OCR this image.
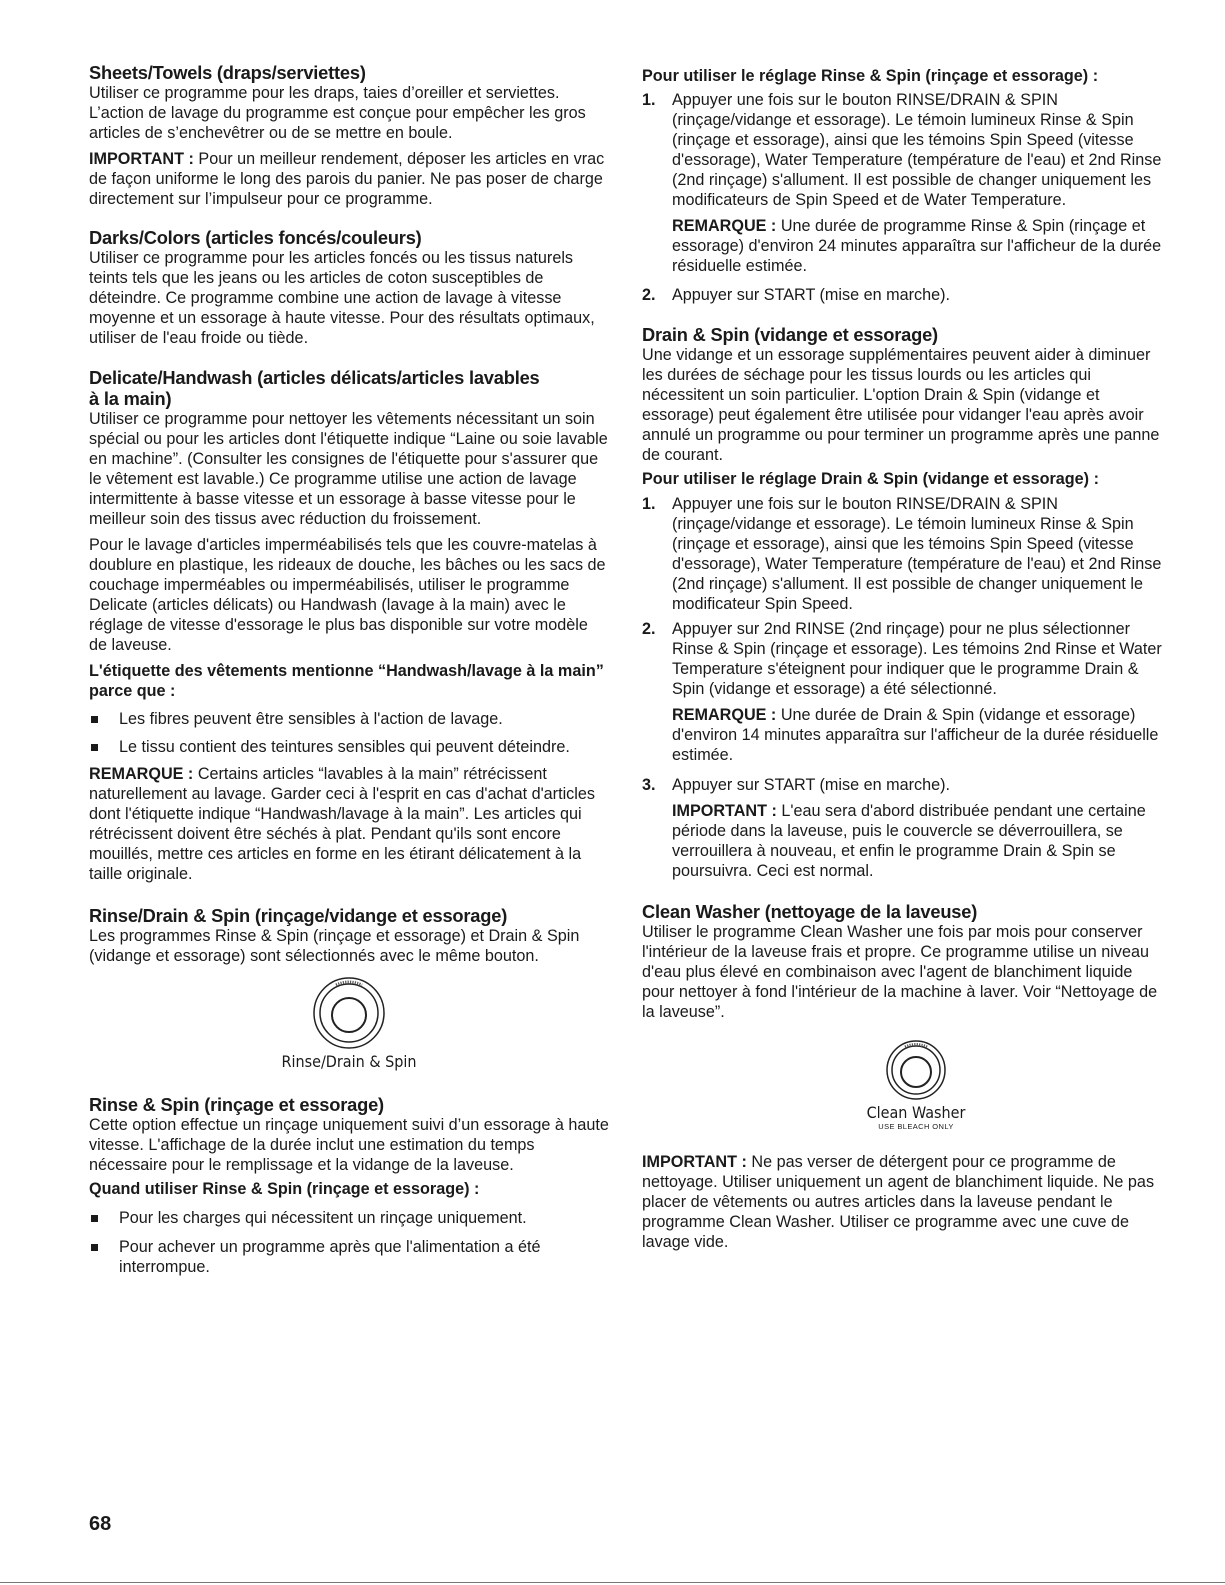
Sheets/Towels (draps/serviettes)

Utiliser ce programme pour les draps, taies d’oreiller et serviettes. L’action de lavage du programme est conçue pour empêcher les gros articles de s’enchevêtrer ou de se mettre en boule.

IMPORTANT : Pour un meilleur rendement, déposer les articles en vrac de façon uniforme le long des parois du panier. Ne pas poser de charge directement sur l’impulseur pour ce programme.

Darks/Colors (articles foncés/couleurs)

Utiliser ce programme pour les articles foncés ou les tissus naturels teints tels que les jeans ou les articles de coton susceptibles de déteindre. Ce programme combine une action de lavage à vitesse moyenne et un essorage à haute vitesse. Pour des résultats optimaux, utiliser de l'eau froide ou tiède.

Delicate/Handwash (articles délicats/articles lavables
à la main)

Utiliser ce programme pour nettoyer les vêtements nécessitant un soin spécial ou pour les articles dont l'étiquette indique “Laine ou soie lavable en machine”. (Consulter les consignes de l'étiquette pour s'assurer que le vêtement est lavable.) Ce programme utilise une action de lavage intermittente à basse vitesse et un essorage à basse vitesse pour le meilleur soin des tissus avec réduction du froissement.

Pour le lavage d'articles imperméabilisés tels que les couvre-matelas à doublure en plastique, les rideaux de douche, les bâches ou les sacs de couchage imperméables ou imperméabilisés, utiliser le programme Delicate (articles délicats) ou Handwash (lavage à la main) avec le réglage de vitesse d'essorage le plus bas disponible sur votre modèle de laveuse.

L'étiquette des vêtements mentionne “Handwash/lavage à la main” parce que :

Les fibres peuvent être sensibles à l'action de lavage.

Le tissu contient des teintures sensibles qui peuvent déteindre.

REMARQUE : Certains articles “lavables à la main” rétrécissent naturellement au lavage. Garder ceci à l'esprit en cas d'achat d'articles dont l'étiquette indique “Handwash/lavage à la main”. Les articles qui rétrécissent doivent être séchés à plat. Pendant qu'ils sont encore mouillés, mettre ces articles en forme en les étirant délicatement à la taille originale.

Rinse/Drain & Spin (rinçage/vidange et essorage)

Les programmes Rinse & Spin (rinçage et essorage) et Drain & Spin (vidange et essorage) sont sélectionnés avec le même bouton.

Rinse/Drain & Spin

Rinse & Spin (rinçage et essorage)

Cette option effectue un rinçage uniquement suivi d’un essorage à haute vitesse. L'affichage de la durée inclut une estimation du temps nécessaire pour le remplissage et la vidange de la laveuse.

Quand utiliser Rinse & Spin (rinçage et essorage) :

Pour les charges qui nécessitent un rinçage uniquement.

Pour achever un programme après que l'alimentation a été interrompue.

Pour utiliser le réglage Rinse & Spin (rinçage et essorage) :

1. Appuyer une fois sur le bouton RINSE/DRAIN & SPIN (rinçage/vidange et essorage). Le témoin lumineux Rinse & Spin (rinçage et essorage), ainsi que les témoins Spin Speed (vitesse d'essorage), Water Temperature (température de l'eau) et 2nd Rinse (2nd rinçage) s'allument. Il est possible de changer uniquement les modificateurs de Spin Speed et de Water Temperature.

REMARQUE : Une durée de programme Rinse & Spin (rinçage et essorage) d'environ 24 minutes apparaîtra sur l'afficheur de la durée résiduelle estimée.

2. Appuyer sur START (mise en marche).

Drain & Spin (vidange et essorage)

Une vidange et un essorage supplémentaires peuvent aider à diminuer les durées de séchage pour les tissus lourds ou les articles qui nécessitent un soin particulier. L'option Drain & Spin (vidange et essorage) peut également être utilisée pour vidanger l'eau après avoir annulé un programme ou pour terminer un programme après une panne de courant.

Pour utiliser le réglage Drain & Spin (vidange et essorage) :

1. Appuyer une fois sur le bouton RINSE/DRAIN & SPIN (rinçage/vidange et essorage). Le témoin lumineux Rinse & Spin (rinçage et essorage), ainsi que les témoins Spin Speed (vitesse d'essorage), Water Temperature (température de l'eau) et 2nd Rinse (2nd rinçage) s'allument. Il est possible de changer uniquement le modificateur Spin Speed.

2. Appuyer sur 2nd RINSE (2nd rinçage) pour ne plus sélectionner Rinse & Spin (rinçage et essorage). Les témoins 2nd Rinse et Water Temperature s'éteignent pour indiquer que le programme Drain & Spin (vidange et essorage) a été sélectionné.

REMARQUE : Une durée de Drain & Spin (vidange et essorage) d'environ 14 minutes apparaîtra sur l'afficheur de la durée résiduelle estimée.

3. Appuyer sur START (mise en marche).

IMPORTANT : L'eau sera d'abord distribuée pendant une certaine période dans la laveuse, puis le couvercle se déverrouillera, se verrouillera à nouveau, et enfin le programme Drain & Spin se poursuivra. Ceci est normal.

Clean Washer (nettoyage de la laveuse)

Utiliser le programme Clean Washer une fois par mois pour conserver l'intérieur de la laveuse frais et propre. Ce programme utilise un niveau d'eau plus élevé en combinaison avec l'agent de blanchiment liquide pour nettoyer à fond l'intérieur de la machine à laver. Voir “Nettoyage de la laveuse”.

Clean Washer
USE BLEACH ONLY

IMPORTANT : Ne pas verser de détergent pour ce programme de nettoyage. Utiliser uniquement un agent de blanchiment liquide. Ne pas placer de vêtements ou autres articles dans la laveuse pendant le programme Clean Washer. Utiliser ce programme avec une cuve de lavage vide.

68
